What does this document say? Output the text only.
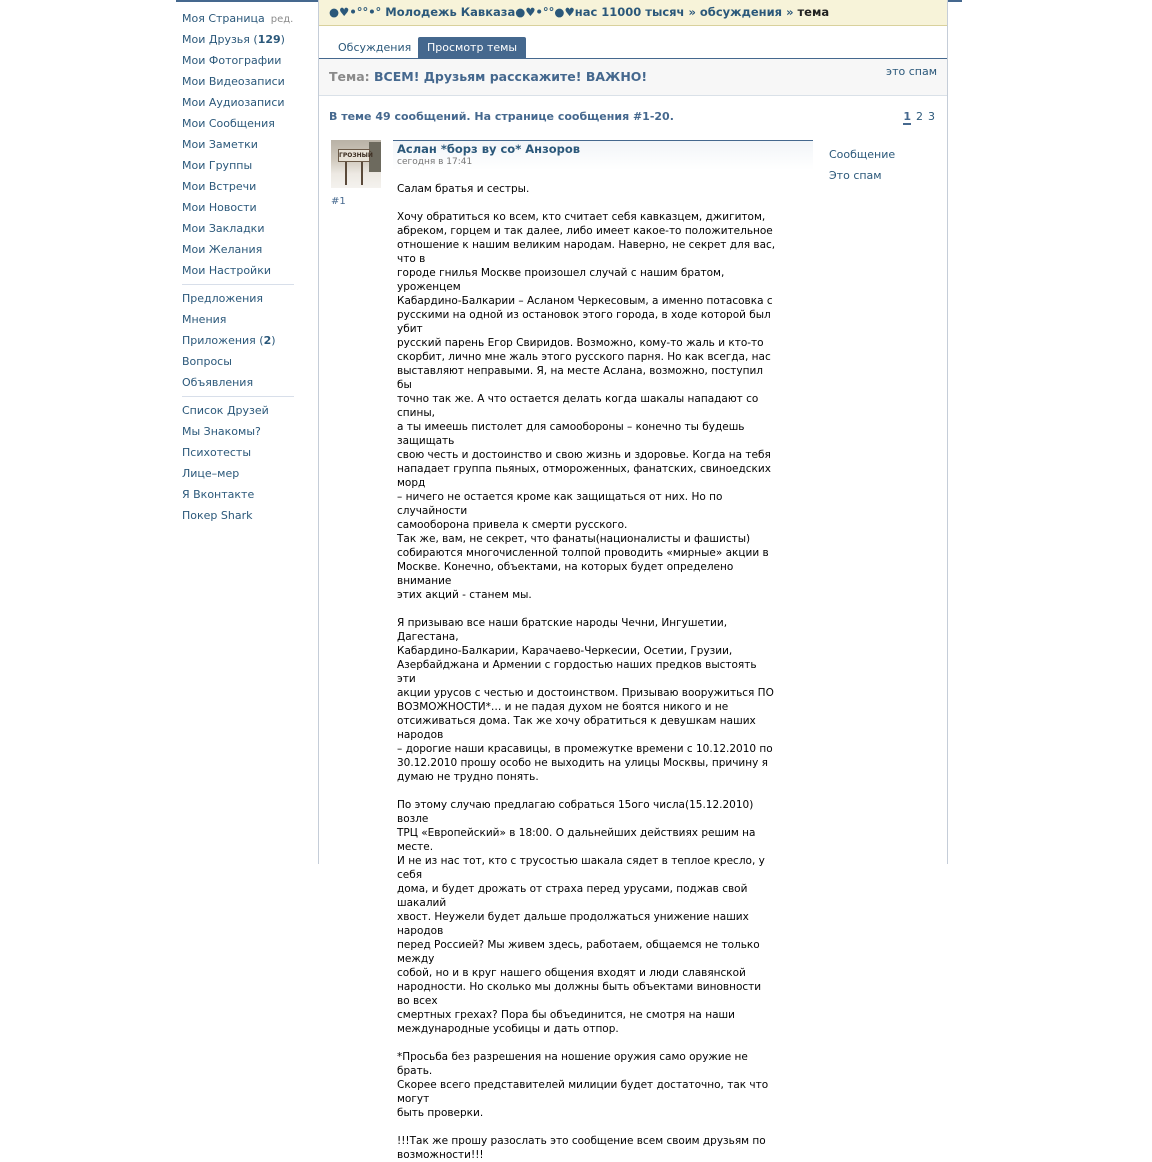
Моя Страница ред.
Мои Друзья (129)
Мои Фотографии
Мои Видеозаписи
Мои Аудиозаписи
Мои Сообщения
Мои Заметки
Мои Группы
Мои Встречи
Мои Новости
Мои Закладки
Мои Желания
Мои Настройки
Предложения
Мнения
Приложения (2)
Вопросы
Объявления
Список Друзей
Мы Знакомы?
Психотесты
Лице–мер
Я Вконтакте
Покер Shark
●♥•°°•° Молодежь Кавказа●♥•°°●♥нас 11000 тысяч » обсуждения » тема
Обсуждения	Просмотр темы
Тема: ВСЕМ! Друзьям расскажите! ВАЖНО!	это спам
В теме 49 сообщений. На странице сообщения #1-20.	1 2 3
ГРОЗНЫЙ
#1
Аслан *борз ву со* Анзоров
сегодня в 17:41
Салам братья и сестры.

Хочу обратиться ко всем, кто считает себя кавказцем, джигитом,
абреком, горцем и так далее, либо имеет какое-то положительное
отношение к нашим великим народам. Наверно, не секрет для вас, что в
городе гнилья Москве произошел случай с нашим братом, уроженцем
Кабардино-Балкарии – Асланом Черкесовым, а именно потасовка с
русскими на одной из остановок этого города, в ходе которой был убит
русский парень Егор Свиридов. Возможно, кому-то жаль и кто-то
скорбит, лично мне жаль этого русского парня. Но как всегда, нас
выставляют неправыми. Я, на месте Аслана, возможно, поступил бы
точно так же. А что остается делать когда шакалы нападают со спины,
а ты имеешь пистолет для самообороны – конечно ты будешь защищать
свою честь и достоинство и свою жизнь и здоровье. Когда на тебя
нападает группа пьяных, отмороженных, фанатских, свиноедских морд
– ничего не остается кроме как защищаться от них. Но по случайности
самооборона привела к смерти русского.
Так же, вам, не секрет, что фанаты(националисты и фашисты)
собираются многочисленной толпой проводить «мирные» акции в
Москве. Конечно, объектами, на которых будет определено внимание
этих акций - станем мы.

Я призываю все наши братские народы Чечни, Ингушетии, Дагестана,
Кабардино-Балкарии, Карачаево-Черкесии, Осетии, Грузии,
Азербайджана и Армении с гордостью наших предков выстоять эти
акции урусов с честью и достоинством. Призываю вооружиться ПО
ВОЗМОЖНОСТИ*… и не падая духом не боятся никого и не
отсиживаться дома. Так же хочу обратиться к девушкам наших народов
– дорогие наши красавицы, в промежутке времени с 10.12.2010 по
30.12.2010 прошу особо не выходить на улицы Москвы, причину я
думаю не трудно понять.

По этому случаю предлагаю собраться 15ого числа(15.12.2010) возле
ТРЦ «Европейский» в 18:00. О дальнейших действиях решим на месте.
И не из нас тот, кто с трусостью шакала сядет в теплое кресло, у себя
дома, и будет дрожать от страха перед урусами, поджав свой шакалий
хвост. Неужели будет дальше продолжаться унижение наших народов
перед Россией? Мы живем здесь, работаем, общаемся не только между
собой, но и в круг нашего общения входят и люди славянской
народности. Но сколько мы должны быть объектами виновности во всех
смертных грехах? Пора бы объединится, не смотря на наши
международные усобицы и дать отпор.

*Просьба без разрешения на ношение оружия само оружие не брать.
Скорее всего представителей милиции будет достаточно, так что могут
быть проверки.

!!!Так же прошу разослать это сообщение всем своим друзьям по
возможности!!!
Сообщение
Это спам
